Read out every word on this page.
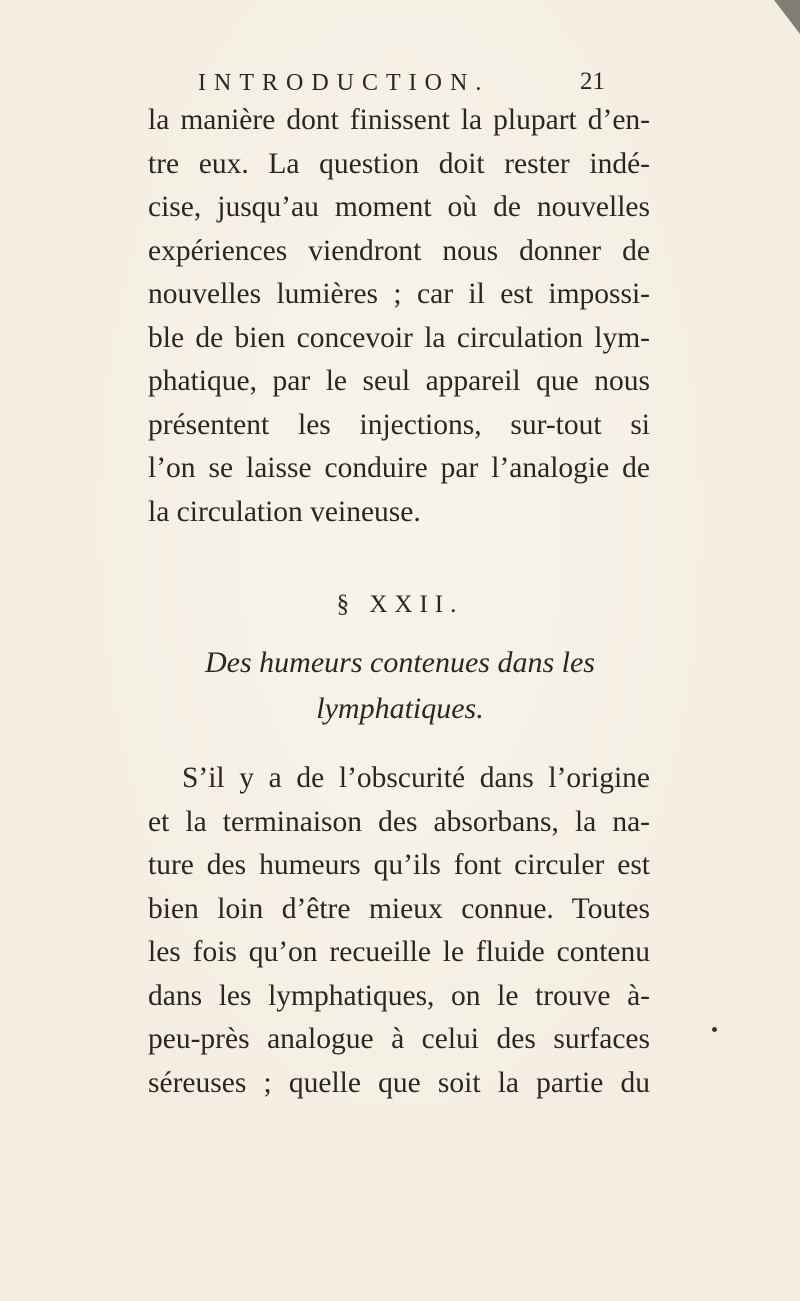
INTRODUCTION.	21
la manière dont finissent la plupart d’en-
tre eux. La question doit rester indé-
cise, jusqu’au moment où de nouvelles
expériences viendront nous donner de
nouvelles lumières ; car il est impossi-
ble de bien concevoir la circulation lym-
phatique, par le seul appareil que nous
présentent les injections, sur-tout si
l’on se laisse conduire par l’analogie de
la circulation veineuse.
§ XXII.
Des humeurs contenues dans les
lymphatiques.
S’il y a de l’obscurité dans l’origine
et la terminaison des absorbans, la na-
ture des humeurs qu’ils font circuler est
bien loin d’être mieux connue. Toutes
les fois qu’on recueille le fluide contenu
dans les lymphatiques, on le trouve à-
peu-près analogue à celui des surfaces
séreuses ; quelle que soit la partie du
